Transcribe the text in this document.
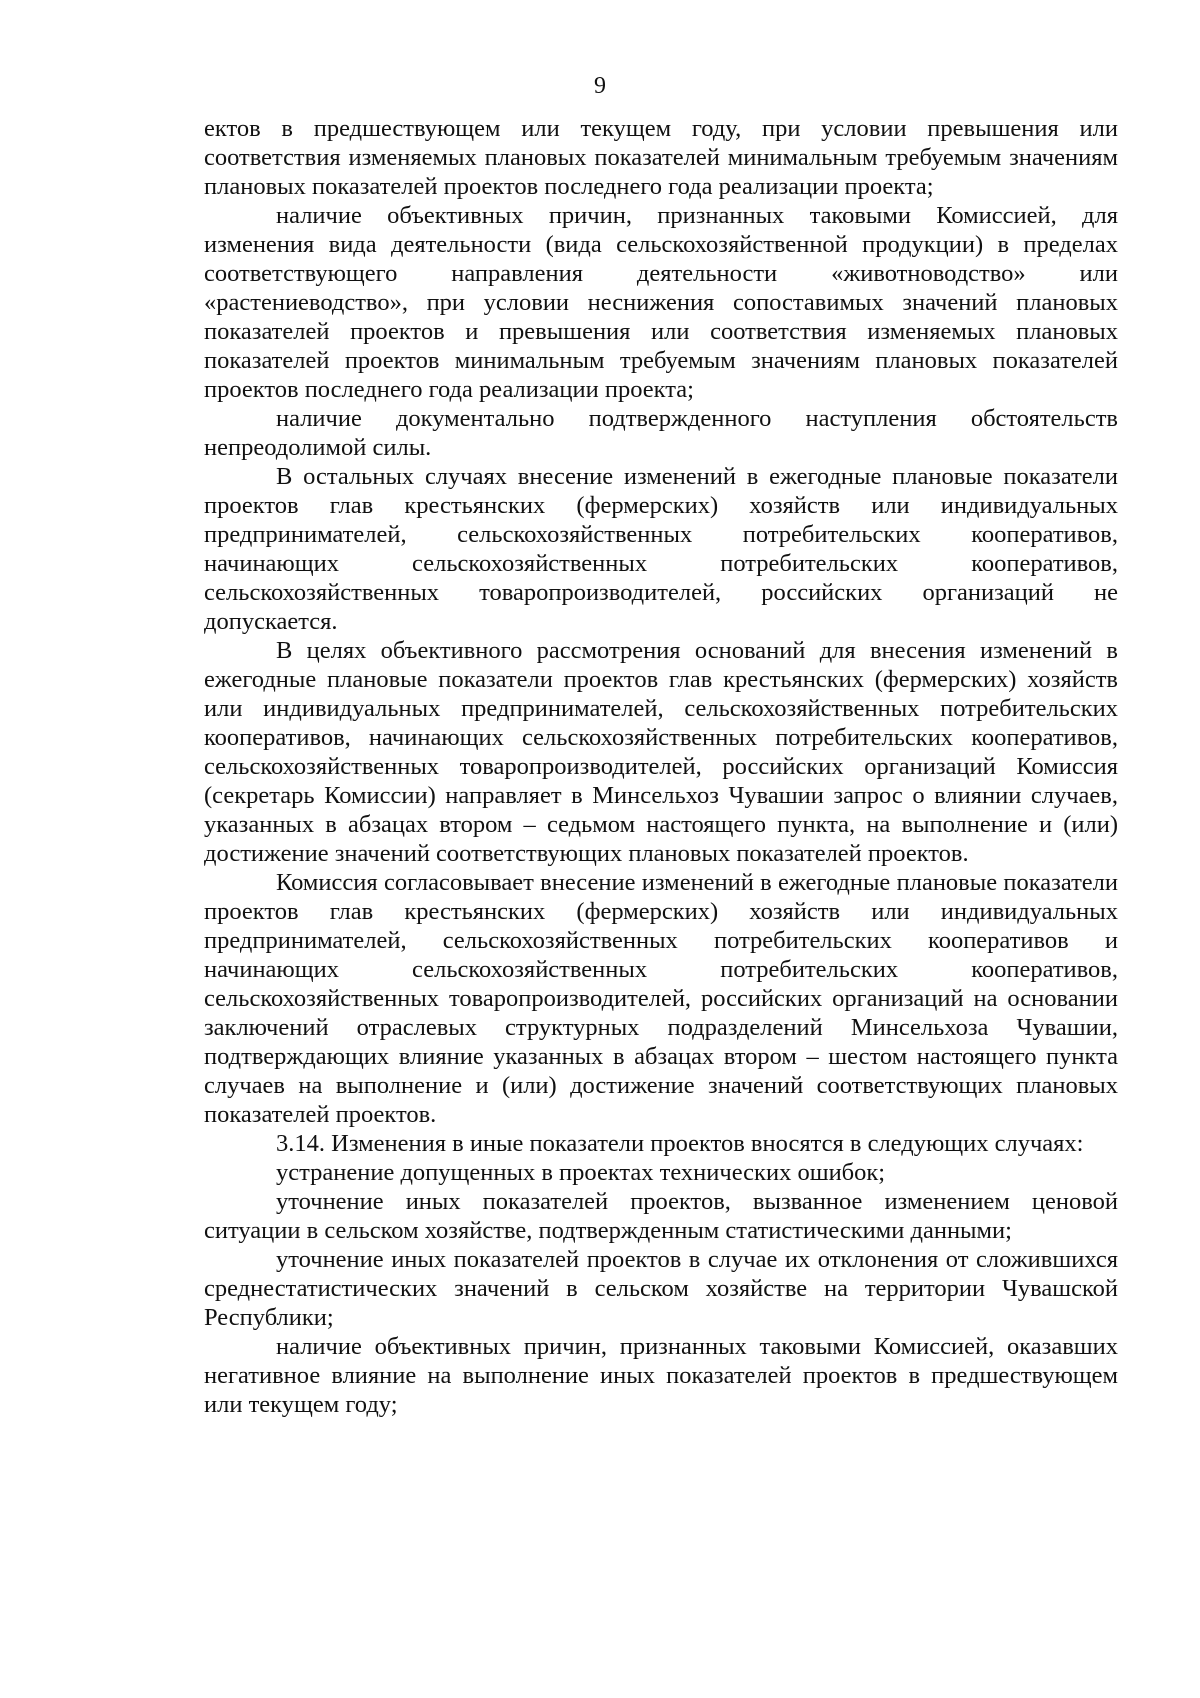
9

ектов в предшествующем или текущем году, при условии превышения или соответствия изменяемых плановых показателей минимальным требуемым значениям плановых показателей проектов последнего года реализации проекта;

наличие объективных причин, признанных таковыми Комиссией, для изменения вида деятельности (вида сельскохозяйственной продукции) в пределах соответствующего направления деятельности «животноводство» или «растениеводство», при условии неснижения сопоставимых значений плановых показателей проектов и превышения или соответствия изменяемых плановых показателей проектов минимальным требуемым значениям плановых показателей проектов последнего года реализации проекта;

наличие документально подтвержденного наступления обстоятельств непреодолимой силы.

В остальных случаях внесение изменений в ежегодные плановые показатели проектов глав крестьянских (фермерских) хозяйств или индивидуальных предпринимателей, сельскохозяйственных потребительских кооперативов, начинающих сельскохозяйственных потребительских кооперативов, сельскохозяйственных товаропроизводителей, российских организаций не допускается.

В целях объективного рассмотрения оснований для внесения изменений в ежегодные плановые показатели проектов глав крестьянских (фермерских) хозяйств или индивидуальных предпринимателей, сельскохозяйственных потребительских кооперативов, начинающих сельскохозяйственных потребительских кооперативов, сельскохозяйственных товаропроизводителей, российских организаций Комиссия (секретарь Комиссии) направляет в Минсельхоз Чувашии запрос о влиянии случаев, указанных в абзацах втором – седьмом настоящего пункта, на выполнение и (или) достижение значений соответствующих плановых показателей проектов.

Комиссия согласовывает внесение изменений в ежегодные плановые показатели проектов глав крестьянских (фермерских) хозяйств или индивидуальных предпринимателей, сельскохозяйственных потребительских кооперативов и начинающих сельскохозяйственных потребительских кооперативов, сельскохозяйственных товаропроизводителей, российских организаций на основании заключений отраслевых структурных подразделений Минсельхоза Чувашии, подтверждающих влияние указанных в абзацах втором – шестом настоящего пункта случаев на выполнение и (или) достижение значений соответствующих плановых показателей проектов.

3.14. Изменения в иные показатели проектов вносятся в следующих случаях:

устранение допущенных в проектах технических ошибок;

уточнение иных показателей проектов, вызванное изменением ценовой ситуации в сельском хозяйстве, подтвержденным статистическими данными;

уточнение иных показателей проектов в случае их отклонения от сложившихся среднестатистических значений в сельском хозяйстве на территории Чувашской Республики;

наличие объективных причин, признанных таковыми Комиссией, оказавших негативное влияние на выполнение иных показателей проектов в предшествующем или текущем году;
